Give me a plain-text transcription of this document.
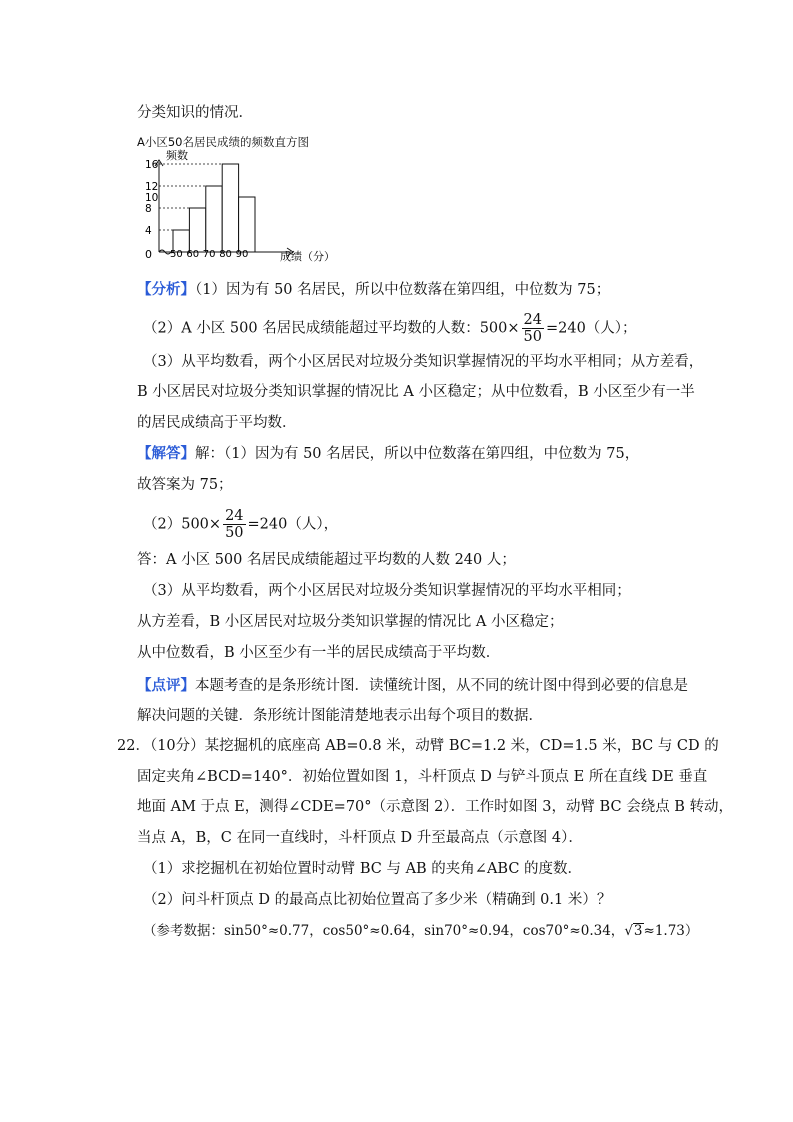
分类知识的情况．
A小区50名居民成绩的频数直方图
频数
4
8
10
12
16
50 60 70 80 90
0	成绩（分）
【分析】（1）因为有 50 名居民，所以中位数落在第四组，中位数为 75；
（2）A 小区 500 名居民成绩能超过平均数的人数：$500\times \frac{24}{50} =240$（人）；
（3）从平均数看，两个小区居民对垃圾分类知识掌握情况的平均水平相同；从方差看，
B 小区居民对垃圾分类知识掌握的情况比 A 小区稳定；从中位数看，B 小区至少有一半
的居民成绩高于平均数．
【解答】解：（1）因为有 50 名居民，所以中位数落在第四组，中位数为 75，
故答案为 75；
$(2)500\times \frac{24}{50} =240$（人），
答：A 小区 500 名居民成绩能超过平均数的人数 240 人；
（3）从平均数看，两个小区居民对垃圾分类知识掌握情况的平均水平相同；
从方差看，B 小区居民对垃圾分类知识掌握的情况比 A 小区稳定；
从中位数看，B 小区至少有一半的居民成绩高于平均数．
【点评】本题考查的是条形统计图．读懂统计图，从不同的统计图中得到必要的信息是
解决问题的关键．条形统计图能清楚地表示出每个项目的数据．
22．（10分）某挖掘机的底座高 AB=0.8 米，动臂 BC=1.2 米，CD=1.5 米，BC 与 CD 的
固定夹角∠BCD=140°．初始位置如图 1，斗杆顶点 D 与铲斗顶点 E 所在直线 DE 垂直
地面 AM 于点 E，测得∠CDE=70°（示意图 2）．工作时如图 3，动臂 BC 会绕点 B 转动，
当点 A，B，C 在同一直线时，斗杆顶点 D 升至最高点（示意图 4）．
（1）求挖掘机在初始位置时动臂 BC 与 AB 的夹角∠ABC 的度数．
（2）问斗杆顶点 D 的最高点比初始位置高了多少米（精确到 0.1 米）？
（参考数据：sin50°≈0.77，cos50°≈0.64，sin70°≈0.94，cos70°≈0.34，√3≈1.73）
